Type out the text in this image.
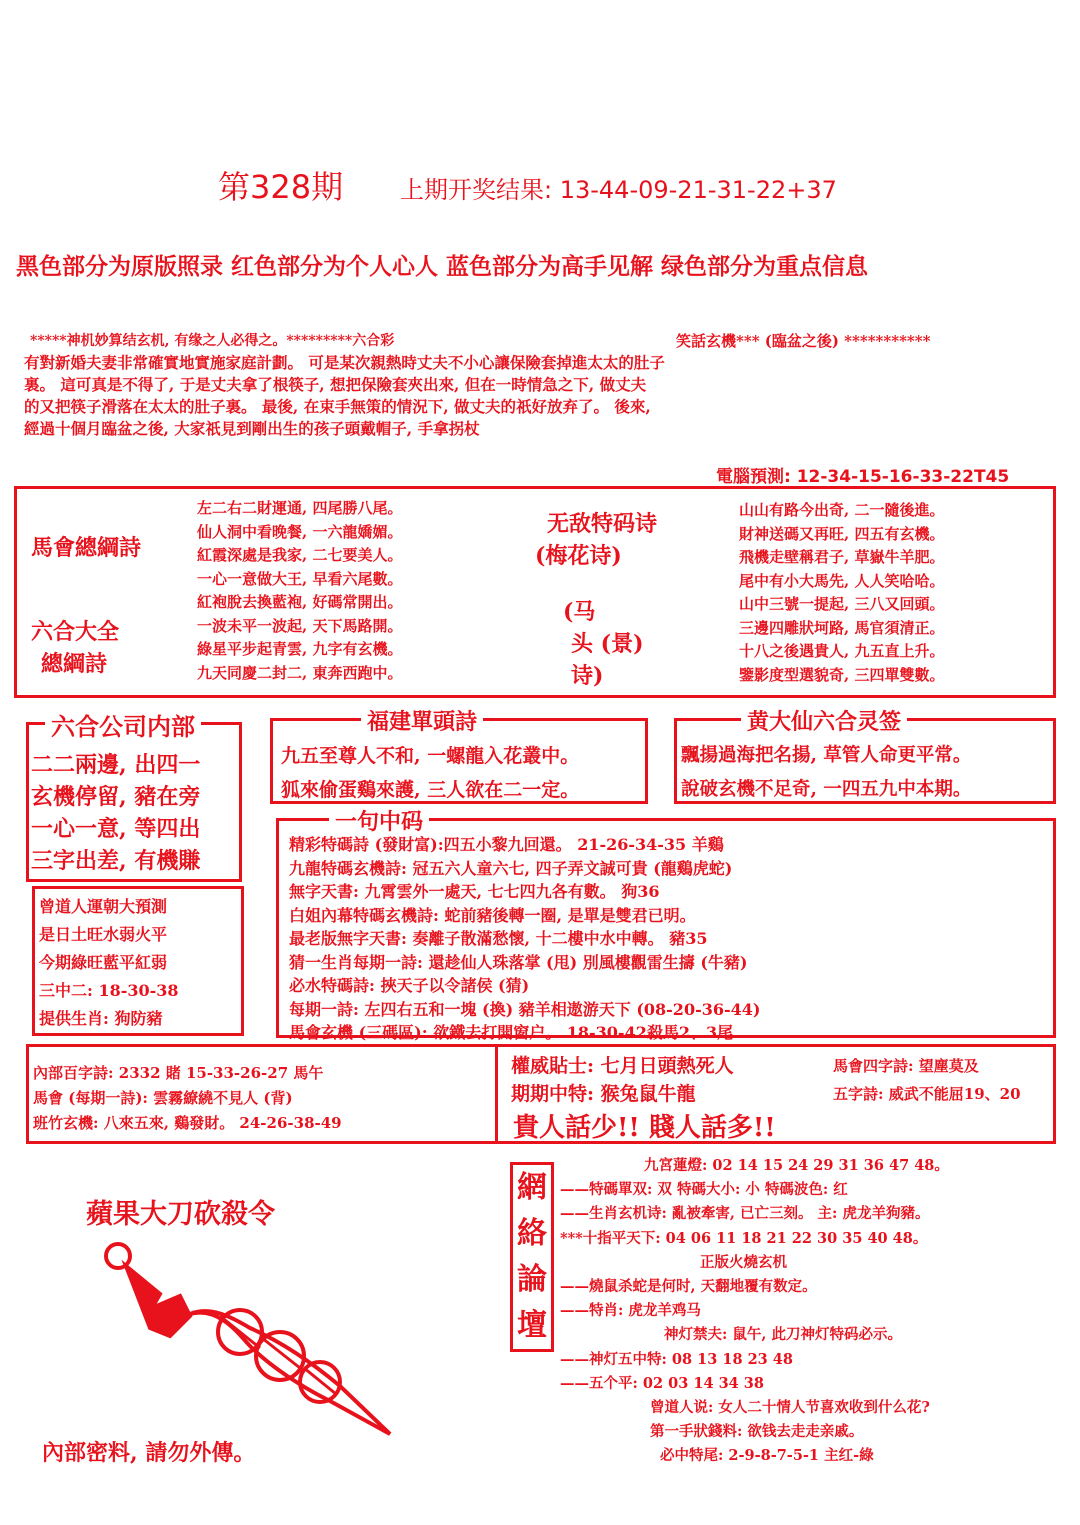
第328期 上期开奖结果: 13-44-09-21-31-22+37
黑色部分为原版照录 红色部分为个人心人 蓝色部分为高手见解 绿色部分为重点信息
*****神机妙算结玄机, 有缘之人必得之。*********六合彩	笑話玄機*** (臨盆之後) ***********
有對新婚夫妻非常確實地實施家庭計劃。 可是某次親熱時丈夫不小心讓保險套掉進太太的肚子
裏。 這可真是不得了, 于是丈夫拿了根筷子, 想把保險套夾出來, 但在一時情急之下, 做丈夫
的又把筷子滑落在太太的肚子裏。 最後, 在束手無策的情況下, 做丈夫的祇好放弃了。 後來,
經過十個月臨盆之後, 大家祇見到剛出生的孩子頭戴帽子, 手拿拐杖
電腦預測: 12-34-15-16-33-22T45
馬會總綱詩
六合大全
總綱詩
左二右二財運通, 四尾勝八尾。
仙人洞中看晚餐, 一六龍嬌媚。
紅霞深處是我家, 二七要美人。
一心一意做大王, 早看六尾數。
紅袍脫去換藍袍, 好碼常開出。
一波未平一波起, 天下馬路開。
綠星平步起青雲, 九字有玄機。
九天同慶二封二, 東奔西跑中。
无敌特码诗
(梅花诗)
(马
头 (景)
诗)
山山有路今出奇, 二一隨後進。
財神送碼又再旺, 四五有玄機。
飛機走壁稱君子, 草嶽牛羊肥。
尾中有小大馬先, 人人笑哈哈。
山中三號一提起, 三八又回頭。
三邊四雕狀坷路, 馬官須清正。
十八之後遇貴人, 九五直上升。
鑒影度型選貌奇, 三四單雙數。
六合公司内部
二二兩邊, 出四一
玄機停留, 豬在旁
一心一意, 等四出
三字出差, 有機賺
福建單頭詩
九五至尊人不和, 一螺龍入花叢中。
狐來偷蛋鷄來護, 三人欲在二一定。
黄大仙六合灵签
飄揚過海把名揚, 草管人命更平常。
說破玄機不足奇, 一四五九中本期。
曾道人運朝大預測
是日土旺水弱火平
今期綠旺藍平紅弱
三中二: 18-30-38
提供生肖: 狗防豬
一句中码
精彩特碼詩 (發財富):四五小黎九回還。 21-26-34-35 羊鷄
九龍特碼玄機詩: 冠五六人童六七, 四子弄文誠可貴 (龍鷄虎蛇)
無字天書: 九霄雲外一處天, 七七四九各有數。 狗36
白姐內幕特碼玄機詩: 蛇前豬後轉一圈, 是單是雙君已明。
最老版無字天書: 奏離子散滿愁懷, 十二樓中水中轉。 豬35
猜一生肖每期一詩: 還趁仙人珠落掌 (甩) 別風樓觀雷生擣 (牛豬)
必水特碼詩: 挾天子以令諸侯 (猜)
每期一詩: 左四右五和一塊 (換) 豬羊相遨游天下 (08-20-36-44)
馬會玄機 (三碼區): 欲鐵去打開窗户。 18-30-42殺馬2、3尾
內部百字詩: 2332 賭 15-33-26-27 馬午
馬會 (每期一詩): 雲霧繚繞不見人 (背)
班竹玄機: 八來五來, 鷄發財。 24-26-38-49
權威貼士: 七月日頭熱死人	馬會四字詩: 望塵莫及
期期中特: 猴兔鼠牛龍	五字詩: 威武不能屈19、20
貴人話少!! 賤人話多!!
蘋果大刀砍殺令
內部密料, 請勿外傳。
網
絡
論
壇
九宮蓮燈: 02 14 15 24 29 31 36 47 48。
——特碼單双: 双 特碼大小: 小 特碼波色: 红
——生肖玄机诗: 亂被牽害, 已亡三刻。 主: 虎龙羊狗豬。
***十指平天下: 04 06 11 18 21 22 30 35 40 48。
正版火燒玄机
——燒鼠杀蛇是何时, 天翻地覆有数定。
——特肖: 虎龙羊鸡马
神灯禁夫: 鼠午, 此刀神灯特码必示。
——神灯五中特: 08 13 18 23 48
——五个平: 02 03 14 34 38
曾道人说: 女人二十情人节喜欢收到什么花?
第一手狀錢料: 欲钱去走走亲戚。
必中特尾: 2-9-8-7-5-1 主红-綠
